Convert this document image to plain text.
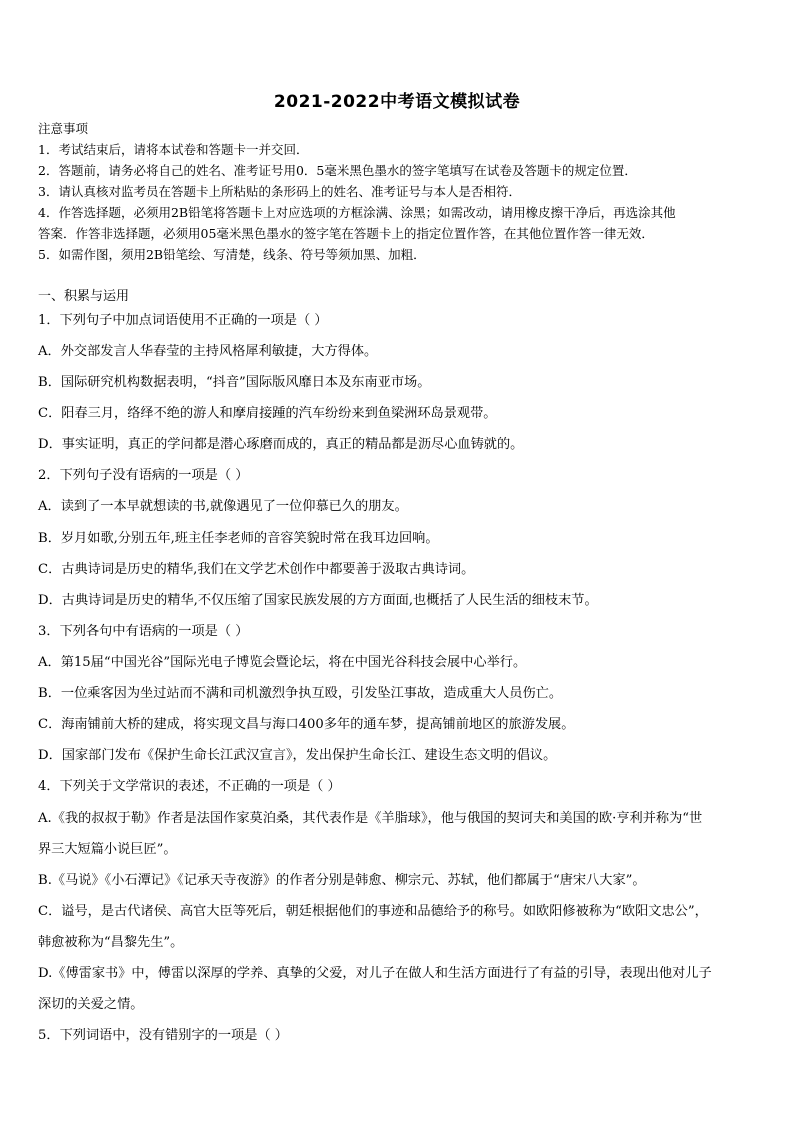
2021-2022中考语文模拟试卷
注意事项
1．考试结束后，请将本试卷和答题卡一并交回．
2．答题前，请务必将自己的姓名、准考证号用0．5毫米黑色墨水的签字笔填写在试卷及答题卡的规定位置．
3．请认真核对监考员在答题卡上所粘贴的条形码上的姓名、准考证号与本人是否相符．
4．作答选择题，必须用2B铅笔将答题卡上对应选项的方框涂满、涂黑；如需改动，请用橡皮擦干净后，再选涂其他
答案．作答非选择题，必须用05毫米黑色墨水的签字笔在答题卡上的指定位置作答，在其他位置作答一律无效．
5．如需作图，须用2B铅笔绘、写清楚，线条、符号等须加黑、加粗．
一、积累与运用
1．下列句子中加点词语使用不正确的一项是（ ）
A．外交部发言人华春莹的主持风格犀利敏捷，大方得体。
B．国际研究机构数据表明，“抖音”国际版风靡日本及东南亚市场。
C．阳春三月，络绎不绝的游人和摩肩接踵的汽车纷纷来到鱼梁洲环岛景观带。
D．事实证明，真正的学问都是潜心琢磨而成的，真正的精品都是沥尽心血铸就的。
2．下列句子没有语病的一项是（ ）
A．读到了一本早就想读的书,就像遇见了一位仰慕已久的朋友。
B．岁月如歌,分别五年,班主任李老师的音容笑貌时常在我耳边回响。
C．古典诗词是历史的精华,我们在文学艺术创作中都要善于汲取古典诗词。
D．古典诗词是历史的精华,不仅压缩了国家民族发展的方方面面,也概括了人民生活的细枝末节。
3．下列各句中有语病的一项是（ ）
A．第15届“中国光谷”国际光电子博览会暨论坛，将在中国光谷科技会展中心举行。
B．一位乘客因为坐过站而不满和司机激烈争执互殴，引发坠江事故，造成重大人员伤亡。
C．海南铺前大桥的建成，将实现文昌与海口400多年的通车梦，提高铺前地区的旅游发展。
D．国家部门发布《保护生命长江武汉宣言》，发出保护生命长江、建设生态文明的倡议。
4．下列关于文学常识的表述，不正确的一项是（ ）
A.《我的叔叔于勒》作者是法国作家莫泊桑，其代表作是《羊脂球》，他与俄国的契诃夫和美国的欧·亨利并称为“世
界三大短篇小说巨匠”。
B.《马说》《小石潭记》《记承天寺夜游》的作者分别是韩愈、柳宗元、苏轼，他们都属于“唐宋八大家”。
C．谥号，是古代诸侯、高官大臣等死后，朝廷根据他们的事迹和品德给予的称号。如欧阳修被称为“欧阳文忠公”，
韩愈被称为“昌黎先生”。
D.《傅雷家书》中，傅雷以深厚的学养、真挚的父爱，对儿子在做人和生活方面进行了有益的引导，表现出他对儿子
深切的关爱之情。
5．下列词语中，没有错别字的一项是（ ）
